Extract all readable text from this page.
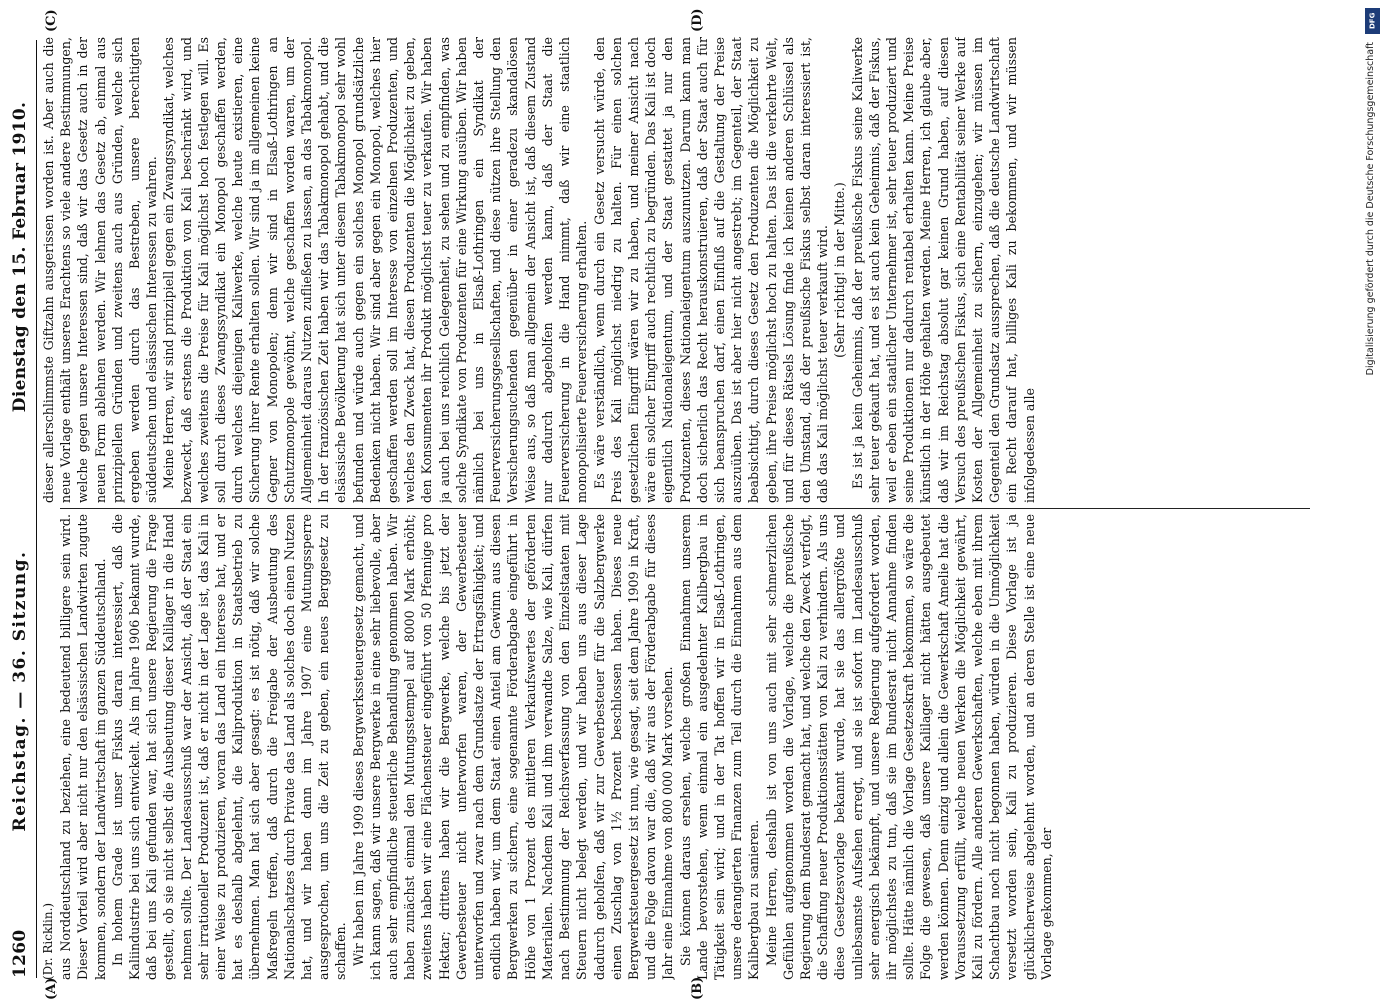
1260
Reichstag. — 36. Sitzung.
Dienstag den 15. Februar 1910.
(Dr. Ricklin.) aus Norddeutschland zu beziehen, eine bedeutend billigere sein wird. Dieser Vorteil wird aber nicht nur den elsässischen Landwirten zugute kommen, sondern der Landwirtschaft im ganzen Süddeutschland. In hohem Grade ist unser Fiskus daran interessiert, daß die Kaliindustrie bei uns sich entwickelt. Als im Jahre 1906 bekannt wurde, daß bei uns Kali gefunden war, hat sich unsere Regierung die Frage gestellt, ob sie nicht selbst die Ausbeutung dieser Kalilager in die Hand nehmen sollte. Der Landesausschuß war der Ansicht, daß der Staat ein sehr irrationeller Produzent ist, daß er nicht in der Lage ist, das Kali in einer Weise zu produzieren, woran das Land ein Interesse hat, und er hat es deshalb abgelehnt, die Kaliproduktion in Staatsbetrieb zu übernehmen. Man hat sich aber gesagt: es ist nötig, daß wir solche Maßregeln treffen, daß durch die Freigabe der Ausbeutung des Nationalschatzes durch Private das Land als solches doch einen Nutzen hat, und wir haben dann im Jahre 1907 eine Mutungssperre ausgesprochen, um uns die Zeit zu geben, ein neues Berggesetz zu schaffen. Wir haben im Jahre 1909 dieses Bergwerkssteuergesetz gemacht, und ich kann sagen, daß wir unsere Bergwerke in eine sehr liebevolle, aber auch sehr empfindliche steuerliche Behandlung genommen haben. Wir haben zunächst einmal den Mutungsstempel auf 8000 Mark erhöht; zweitens haben wir eine Flächensteuer eingeführt von 50 Pfennige pro Hektar; drittens haben wir die Bergwerke, welche bis jetzt der Gewerbesteuer nicht unterworfen waren, der Gewerbesteuer unterworfen und zwar nach dem Grundsatze der Ertragsfähigkeit; und endlich haben wir, um dem Staat einen Anteil am Gewinn aus diesen Bergwerken zu sichern, eine sogenannte Förderabgabe eingeführt in Höhe von 1 Prozent des mittleren Verkaufswertes der geförderten Materialien. Nachdem Kali und ihm verwandte Salze, wie Kali, dürfen nach Bestimmung der Reichsverfassung von den Einzelstaaten mit Steuern nicht belegt werden, und wir haben uns aus dieser Lage dadurch geholfen, daß wir zur Gewerbesteuer für die Salzbergwerke einen Zuschlag von 1½ Prozent beschlossen haben. Dieses neue Bergwerksteuergesetz ist nun, wie gesagt, seit dem Jahre 1909 in Kraft, und die Folge davon war die, daß wir aus der Förderabgabe für dieses Jahr eine Einnahme von 800 000 Mark vorsehen. Sie können daraus ersehen, welche großen Einnahmen unserem Lande bevorstehen, wenn einmal ein ausgedehnter Kalibergbau in Tätigkeit sein wird; und in der Tat hoffen wir in Elsaß-Lothringen, unsere derangierten Finanzen zum Teil durch die Einnahmen aus dem Kalibergbau zu sanieren. Meine Herren, deshalb ist von uns auch mit sehr schmerzlichen Gefühlen aufgenommen worden die Vorlage, welche die preußische Regierung dem Bundesrat gemacht hat, und welche den Zweck verfolgt, die Schaffung neuer Produktionsstätten von Kali zu verhindern. Als uns diese Gesetzesvorlage bekannt wurde, hat sie das allergrößte und unliebsamste Aufsehen erregt, und sie ist sofort im Landesausschuß sehr energisch bekämpft, und unsere Regierung aufgefordert worden, ihr möglichstes zu tun, daß sie im Bundesrat nicht Annahme finden sollte. Hätte nämlich die Vorlage Gesetzeskraft bekommen, so wäre die Folge die gewesen, daß unsere Kalilager nicht hätten ausgebeutet werden können. Denn einzig und allein die Gewerkschaft Amelie hat die Voraussetzung erfüllt, welche neuen Werken die Möglichkeit gewährt, Kali zu fördern. Alle anderen Gewerkschaften, welche eben mit ihrem Schachtbau noch nicht begonnen haben, würden in die Unmöglichkeit versetzt worden sein, Kali zu produzieren. Diese Vorlage ist ja glücklicherweise abgelehnt worden, und an deren Stelle ist eine neue Vorlage gekommen, der

dieser allerschlimmste Giftzahn ausgerissen worden ist. Aber auch die neue Vorlage enthält unseres Erachtens so viele andere Bestimmungen, welche gegen unsere Interessen sind, daß wir das Gesetz auch in der neuen Form ablehnen werden. Wir lehnen das Gesetz ab, einmal aus prinzipiellen Gründen und zweitens auch aus Gründen, welche sich ergeben werden durch das Bestreben, unsere berechtigten süddeutschen und elsässischen Interessen zu wahren. Meine Herren, wir sind prinzipiell gegen ein Zwangssyndikat, welches bezweckt, daß erstens die Produktion von Kali beschränkt wird, und welches zweitens die Preise für Kali möglichst hoch festlegen will. Es soll durch dieses Zwangssyndikat ein Monopol geschaffen werden, durch welches diejenigen Kaliwerke, welche heute existieren, eine Sicherung ihrer Rente erhalten sollen. Wir sind ja im allgemeinen keine Gegner von Monopolen; denn wir sind in Elsaß-Lothringen an Schutzmonopole gewöhnt, welche geschaffen worden waren, um der Allgemeinheit daraus Nutzen zufließen zu lassen, an das Tabakmonopol. In der französischen Zeit haben wir das Tabakmonopol gehabt, und die elsässische Bevölkerung hat sich unter diesem Tabakmonopol sehr wohl befunden und würde auch gegen ein solches Monopol grundsätzliche Bedenken nicht haben. Wir sind aber gegen ein Monopol, welches hier geschaffen werden soll im Interesse von einzelnen Produzenten, und welches den Zweck hat, diesen Produzenten die Möglichkeit zu geben, den Konsumenten ihr Produkt möglichst teuer zu verkaufen. Wir haben ja auch bei uns reichlich Gelegenheit, zu sehen und zu empfinden, was solche Syndikate von Produzenten für eine Wirkung ausüben. Wir haben nämlich bei uns in Elsaß-Lothringen ein Syndikat der Feuerversicherungsgesellschaften, und diese nützen ihre Stellung den Versicherungsuchenden gegenüber in einer geradezu skandalösen Weise aus, so daß man allgemein der Ansicht ist, daß diesem Zustand nur dadurch abgeholfen werden kann, daß der Staat die Feuerversicherung in die Hand nimmt, daß wir eine staatlich monopolisierte Feuerversicherung erhalten. Es wäre verständlich, wenn durch ein Gesetz versucht würde, den Preis des Kali möglichst niedrig zu halten. Für einen solchen gesetzlichen Eingriff wären wir zu haben, und meiner Ansicht nach wäre ein solcher Eingriff auch rechtlich zu begründen. Das Kali ist doch eigentlich Nationaleigentum, und der Staat gestattet ja nur den Produzenten, dieses Nationaleigentum auszunutzen. Darum kann man doch sicherlich das Recht herauskonstruieren, daß der Staat auch für sich beanspruchen darf, einen Einfluß auf die Gestaltung der Preise auszuüben. Das ist aber hier nicht angestrebt; im Gegenteil, der Staat beabsichtigt, durch dieses Gesetz den Produzenten die Möglichkeit zu geben, ihre Preise möglichst hoch zu halten. Das ist die verkehrte Welt, und für dieses Rätsels Lösung finde ich keinen anderen Schlüssel als den Umstand, daß der preußische Fiskus selbst daran interessiert ist, daß das Kali möglichst teuer verkauft wird. (Sehr richtig! in der Mitte.) Es ist ja kein Geheimnis, daß der preußische Fiskus seine Kaliwerke sehr teuer gekauft hat, und es ist auch kein Geheimnis, daß der Fiskus, weil er eben ein staatlicher Unternehmer ist, sehr teuer produziert und seine Produktionen nur dadurch rentabel erhalten kann. Meine Preise künstlich in der Höhe gehalten werden. Meine Herren, ich glaube aber, daß wir im Reichstag absolut gar keinen Grund haben, auf diesen Versuch des preußischen Fiskus, sich eine Rentabilität seiner Werke auf Kosten der Allgemeinheit zu sichern, einzugehen; wir müssen im Gegenteil den Grundsatz aussprechen, daß die deutsche Landwirtschaft ein Recht darauf hat, billiges Kali zu bekommen, und wir müssen infolgedessen alle

(A)	(B)
(C)	(D)	DFG
Digitalisierung gefördert durch die Deutsche Forschungsgemeinschaft
